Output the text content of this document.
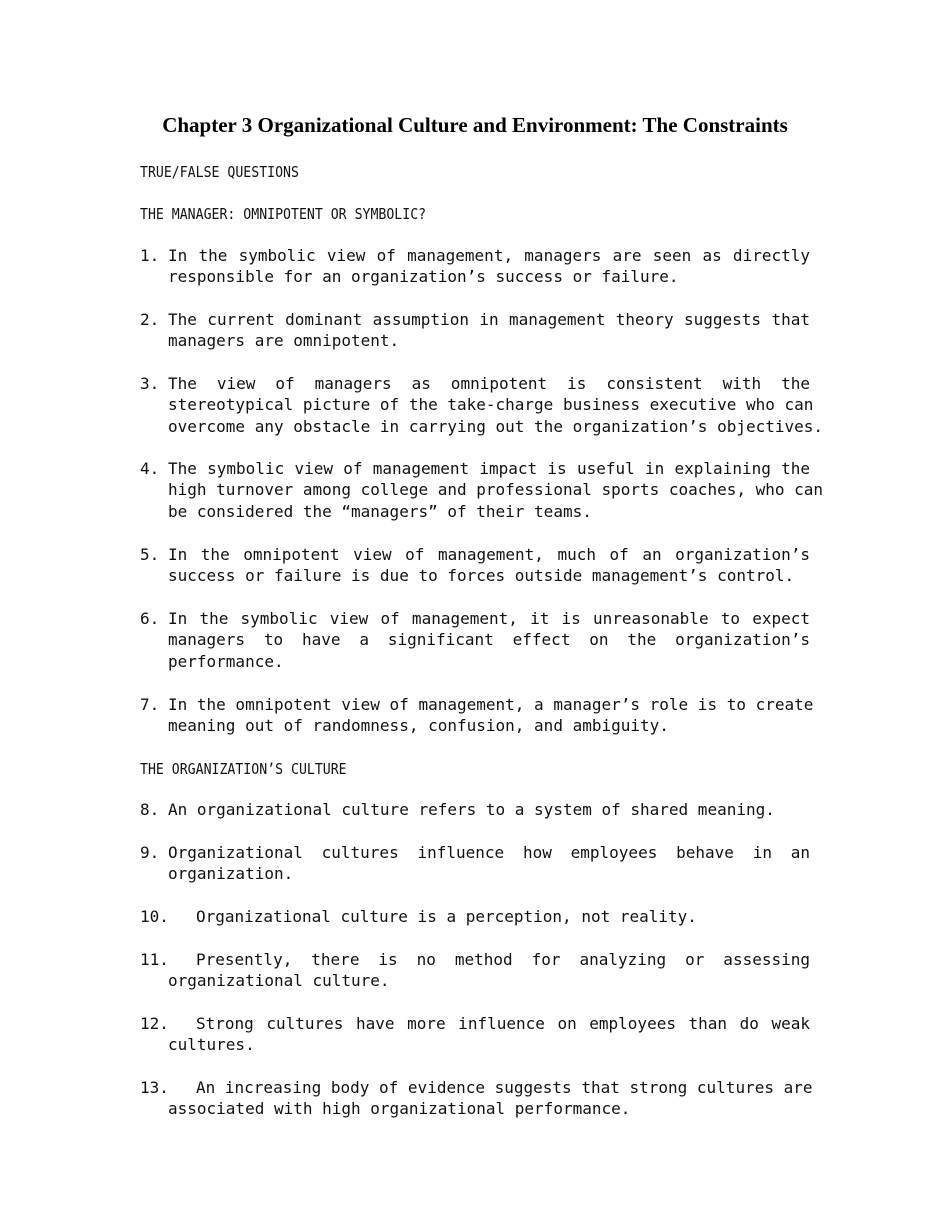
Chapter 3 Organizational Culture and Environment: The Constraints
TRUE/FALSE QUESTIONS
THE MANAGER: OMNIPOTENT OR SYMBOLIC?
THE ORGANIZATION’S CULTURE
1. In the symbolic view of management, managers are seen as directly
responsible for an organization’s success or failure.
2. The current dominant assumption in management theory suggests that
managers are omnipotent.
3. The view of managers as omnipotent is consistent with the
stereotypical picture of the take-charge business executive who can
overcome any obstacle in carrying out the organization’s objectives.
4. The symbolic view of management impact is useful in explaining the
high turnover among college and professional sports coaches, who can
be considered the “managers” of their teams.
5. In the omnipotent view of management, much of an organization’s
success or failure is due to forces outside management’s control.
6. In the symbolic view of management, it is unreasonable to expect
managers to have a significant effect on the organization’s
performance.
7. In the omnipotent view of management, a manager’s role is to create
meaning out of randomness, confusion, and ambiguity.
8. An organizational culture refers to a system of shared meaning.
9. Organizational cultures influence how employees behave in an
organization.
10.	Organizational culture is a perception, not reality.
11.	Presently, there is no method for analyzing or assessing
organizational culture.
12.	Strong cultures have more influence on employees than do weak
cultures.
13.	An increasing body of evidence suggests that strong cultures are
associated with high organizational performance.
